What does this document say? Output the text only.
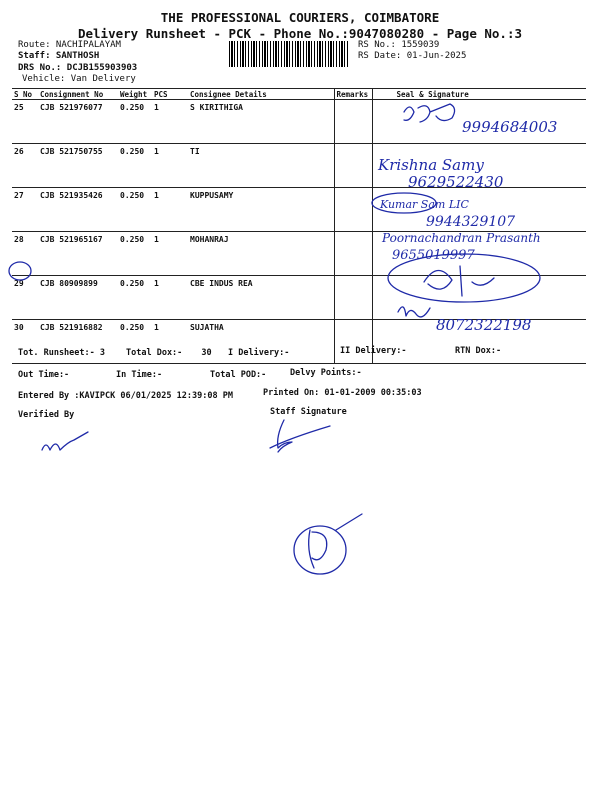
THE PROFESSIONAL COURIERS, COIMBATORE
Delivery Runsheet - PCK - Phone No.:9047080280 - Page No.:3
Route: NACHIPALAYAM
Staff: SANTHOSH
DRS No.: DCJB155903903
Vehicle: Van Delivery
RS No.: 1559039
RS Date: 01-Jun-2025
S No	Consignment No	Weight	PCS	Consignee Details	Remarks	Seal & Signature
25	CJB 521976077	0.250	1	S KIRITHIGA		
26	CJB 521750755	0.250	1	TI		
27	CJB 521935426	0.250	1	KUPPUSAMY		
28	CJB 521965167	0.250	1	MOHANRAJ		
29	CJB 80909899	0.250	1	CBE INDUS REA		
30	CJB 521916882	0.250	1	SUJATHA		
Tot. Runsheet:- 3 Total Dox:- 30 I Delivery:-	II Delivery:-	RTN Dox:-
Out Time:-	In Time:-	Total POD:-	Delvy Points:-
Entered By :KAVIPCK 06/01/2025 12:39:08 PM	Printed On: 01-01-2009 00:35:03
Verified By	Staff Signature
9994684003
Krishna Samy
9629522430
Kumar Sam LIC
9944329107
Poornachandran Prasanth
9655019997
8072322198
